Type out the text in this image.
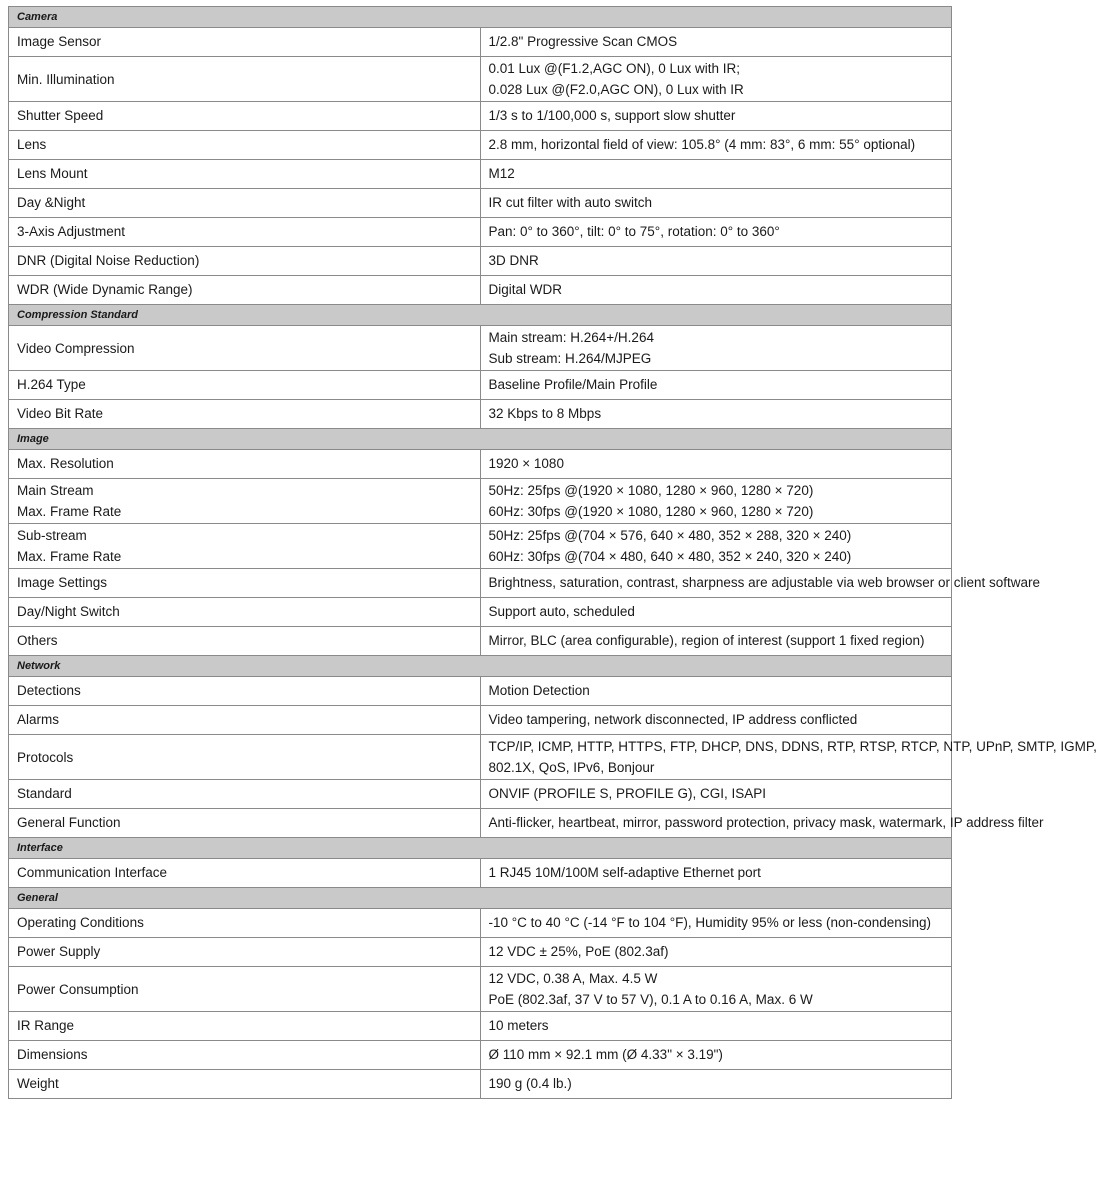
Camera	

Image Sensor	1/2.8" Progressive Scan CMOS

Min. Illumination	0.01 Lux @(F1.2,AGC ON), 0 Lux with IR;
0.028 Lux @(F2.0,AGC ON), 0 Lux with IR

Shutter Speed	1/3 s to 1/100,000 s, support slow shutter

Lens	2.8 mm, horizontal field of view: 105.8° (4 mm: 83°, 6 mm: 55° optional)

Lens Mount	M12

Day &Night	IR cut filter with auto switch

3-Axis Adjustment	Pan: 0° to 360°, tilt: 0° to 75°, rotation: 0° to 360°

DNR (Digital Noise Reduction)	3D DNR

WDR (Wide Dynamic Range)	Digital WDR

Compression Standard	

Video Compression	Main stream: H.264+/H.264
Sub stream: H.264/MJPEG

H.264 Type	Baseline Profile/Main Profile

Video Bit Rate	32 Kbps to 8 Mbps

Image	

Max. Resolution	1920 × 1080

Main Stream
Max. Frame Rate	50Hz: 25fps @(1920 × 1080, 1280 × 960, 1280 × 720)
60Hz: 30fps @(1920 × 1080, 1280 × 960, 1280 × 720)

Sub-stream
Max. Frame Rate	50Hz: 25fps @(704 × 576, 640 × 480, 352 × 288, 320 × 240)
60Hz: 30fps @(704 × 480, 640 × 480, 352 × 240, 320 × 240)

Image Settings	Brightness, saturation, contrast, sharpness are adjustable via web browser or client software

Day/Night Switch	Support auto, scheduled

Others	Mirror, BLC (area configurable), region of interest (support 1 fixed region)

Network	

Detections	Motion Detection

Alarms	Video tampering, network disconnected, IP address conflicted

Protocols	TCP/IP, ICMP, HTTP, HTTPS, FTP, DHCP, DNS, DDNS, RTP, RTSP, RTCP, NTP, UPnP, SMTP, IGMP,
802.1X, QoS, IPv6, Bonjour

Standard	ONVIF (PROFILE S, PROFILE G), CGI, ISAPI

General Function	Anti-flicker, heartbeat, mirror, password protection, privacy mask, watermark, IP address filter

Interface	

Communication Interface	1 RJ45 10M/100M self-adaptive Ethernet port

General	

Operating Conditions	-10 °C to 40 °C (-14 °F to 104 °F), Humidity 95% or less (non-condensing)

Power Supply	12 VDC ± 25%, PoE (802.3af)

Power Consumption	12 VDC, 0.38 A, Max. 4.5 W
PoE (802.3af, 37 V to 57 V), 0.1 A to 0.16 A, Max. 6 W

IR Range	10 meters

Dimensions	Ø 110 mm × 92.1 mm (Ø 4.33" × 3.19")

Weight	190 g (0.4 lb.)
